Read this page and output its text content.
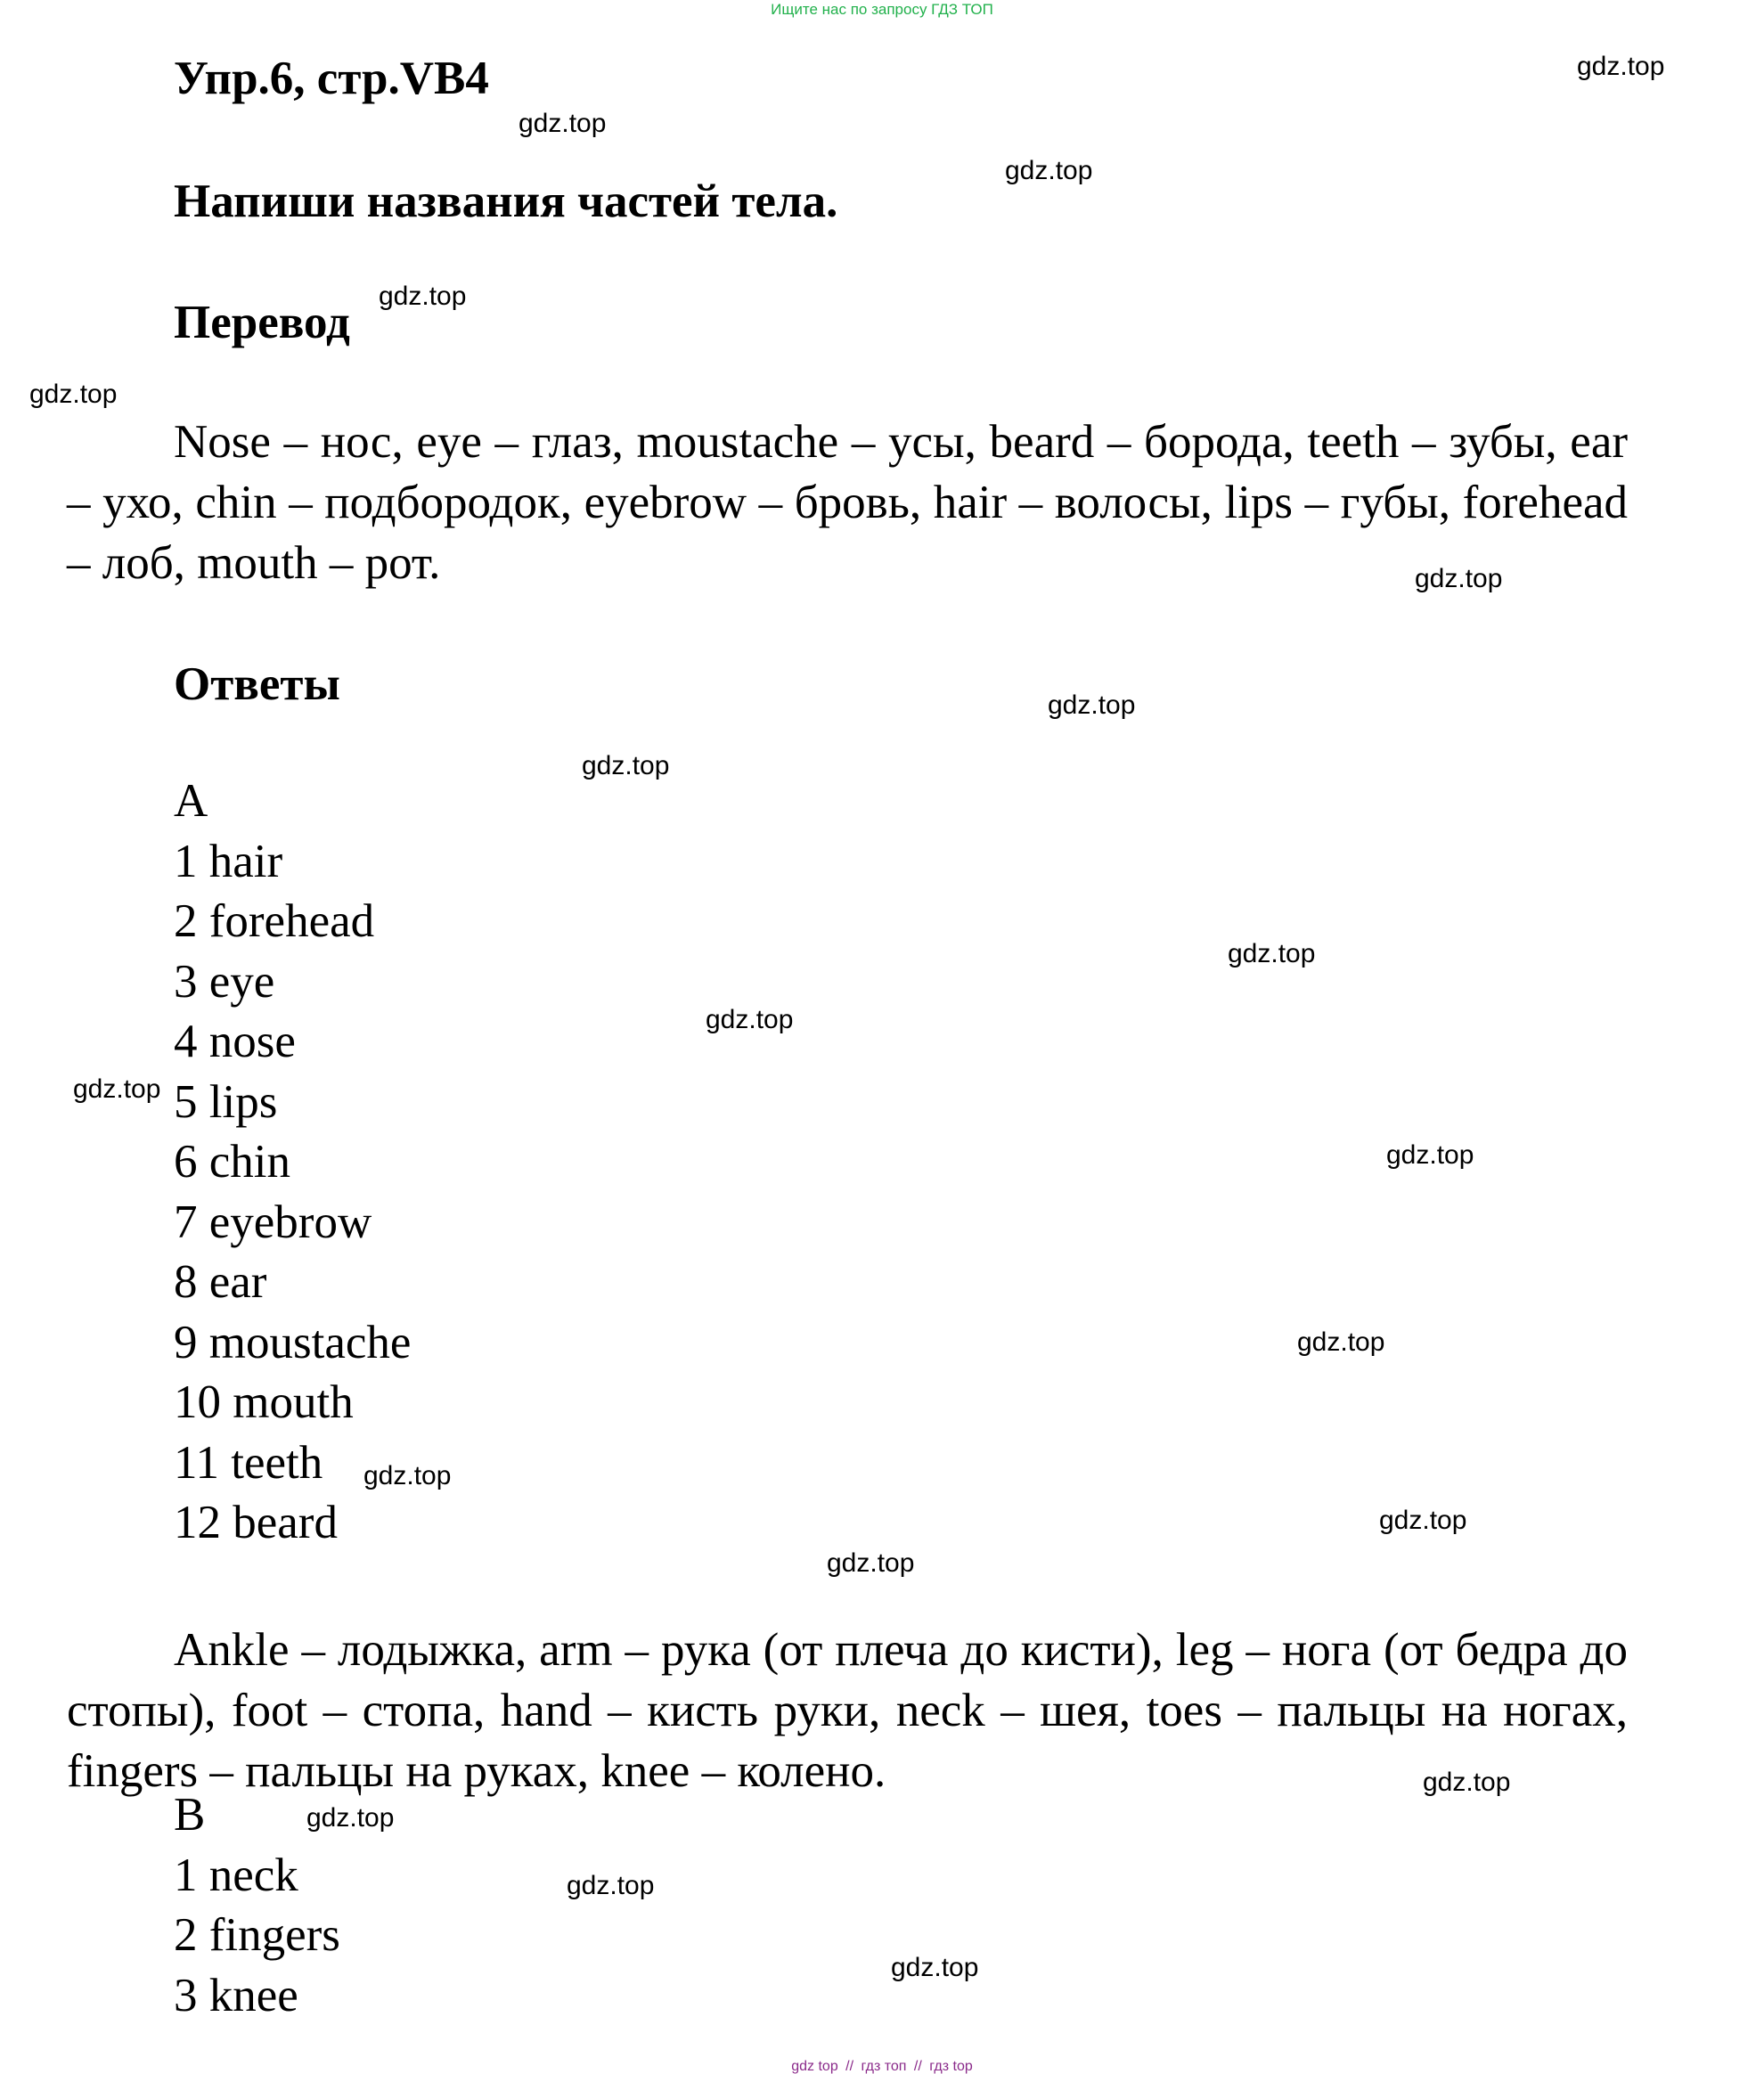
Ищите нас по запросу ГДЗ ТОП
Упр.6, стр.VB4
Напиши названия частей тела.
Перевод
Nose – нос, eye – глаз, moustache – усы, beard – борода, teeth – зубы, ear – ухо, chin – подбородок, eyebrow – бровь, hair – волосы, lips – губы, forehead – лоб, mouth – рот.
Ответы
A
1 hair
2 forehead
3 eye
4 nose
5 lips
6 chin
7 eyebrow
8 ear
9 moustache
10 mouth
11 teeth
12 beard
Ankle – лодыжка, arm – рука (от плеча до кисти), leg – нога (от бедра до стопы), foot – стопа, hand – кисть руки, neck – шея, toes – пальцы на ногах, fingers – пальцы на руках, knee – колено.
B
1 neck
2 fingers
3 knee
gdz.top
gdz.top
gdz.top
gdz.top
gdz.top
gdz.top
gdz.top
gdz.top
gdz.top
gdz.top
gdz.top
gdz.top
gdz.top
gdz.top
gdz.top
gdz.top
gdz.top
gdz.top
gdz.top
gdz.top
gdz top // гдз топ // гдз top
